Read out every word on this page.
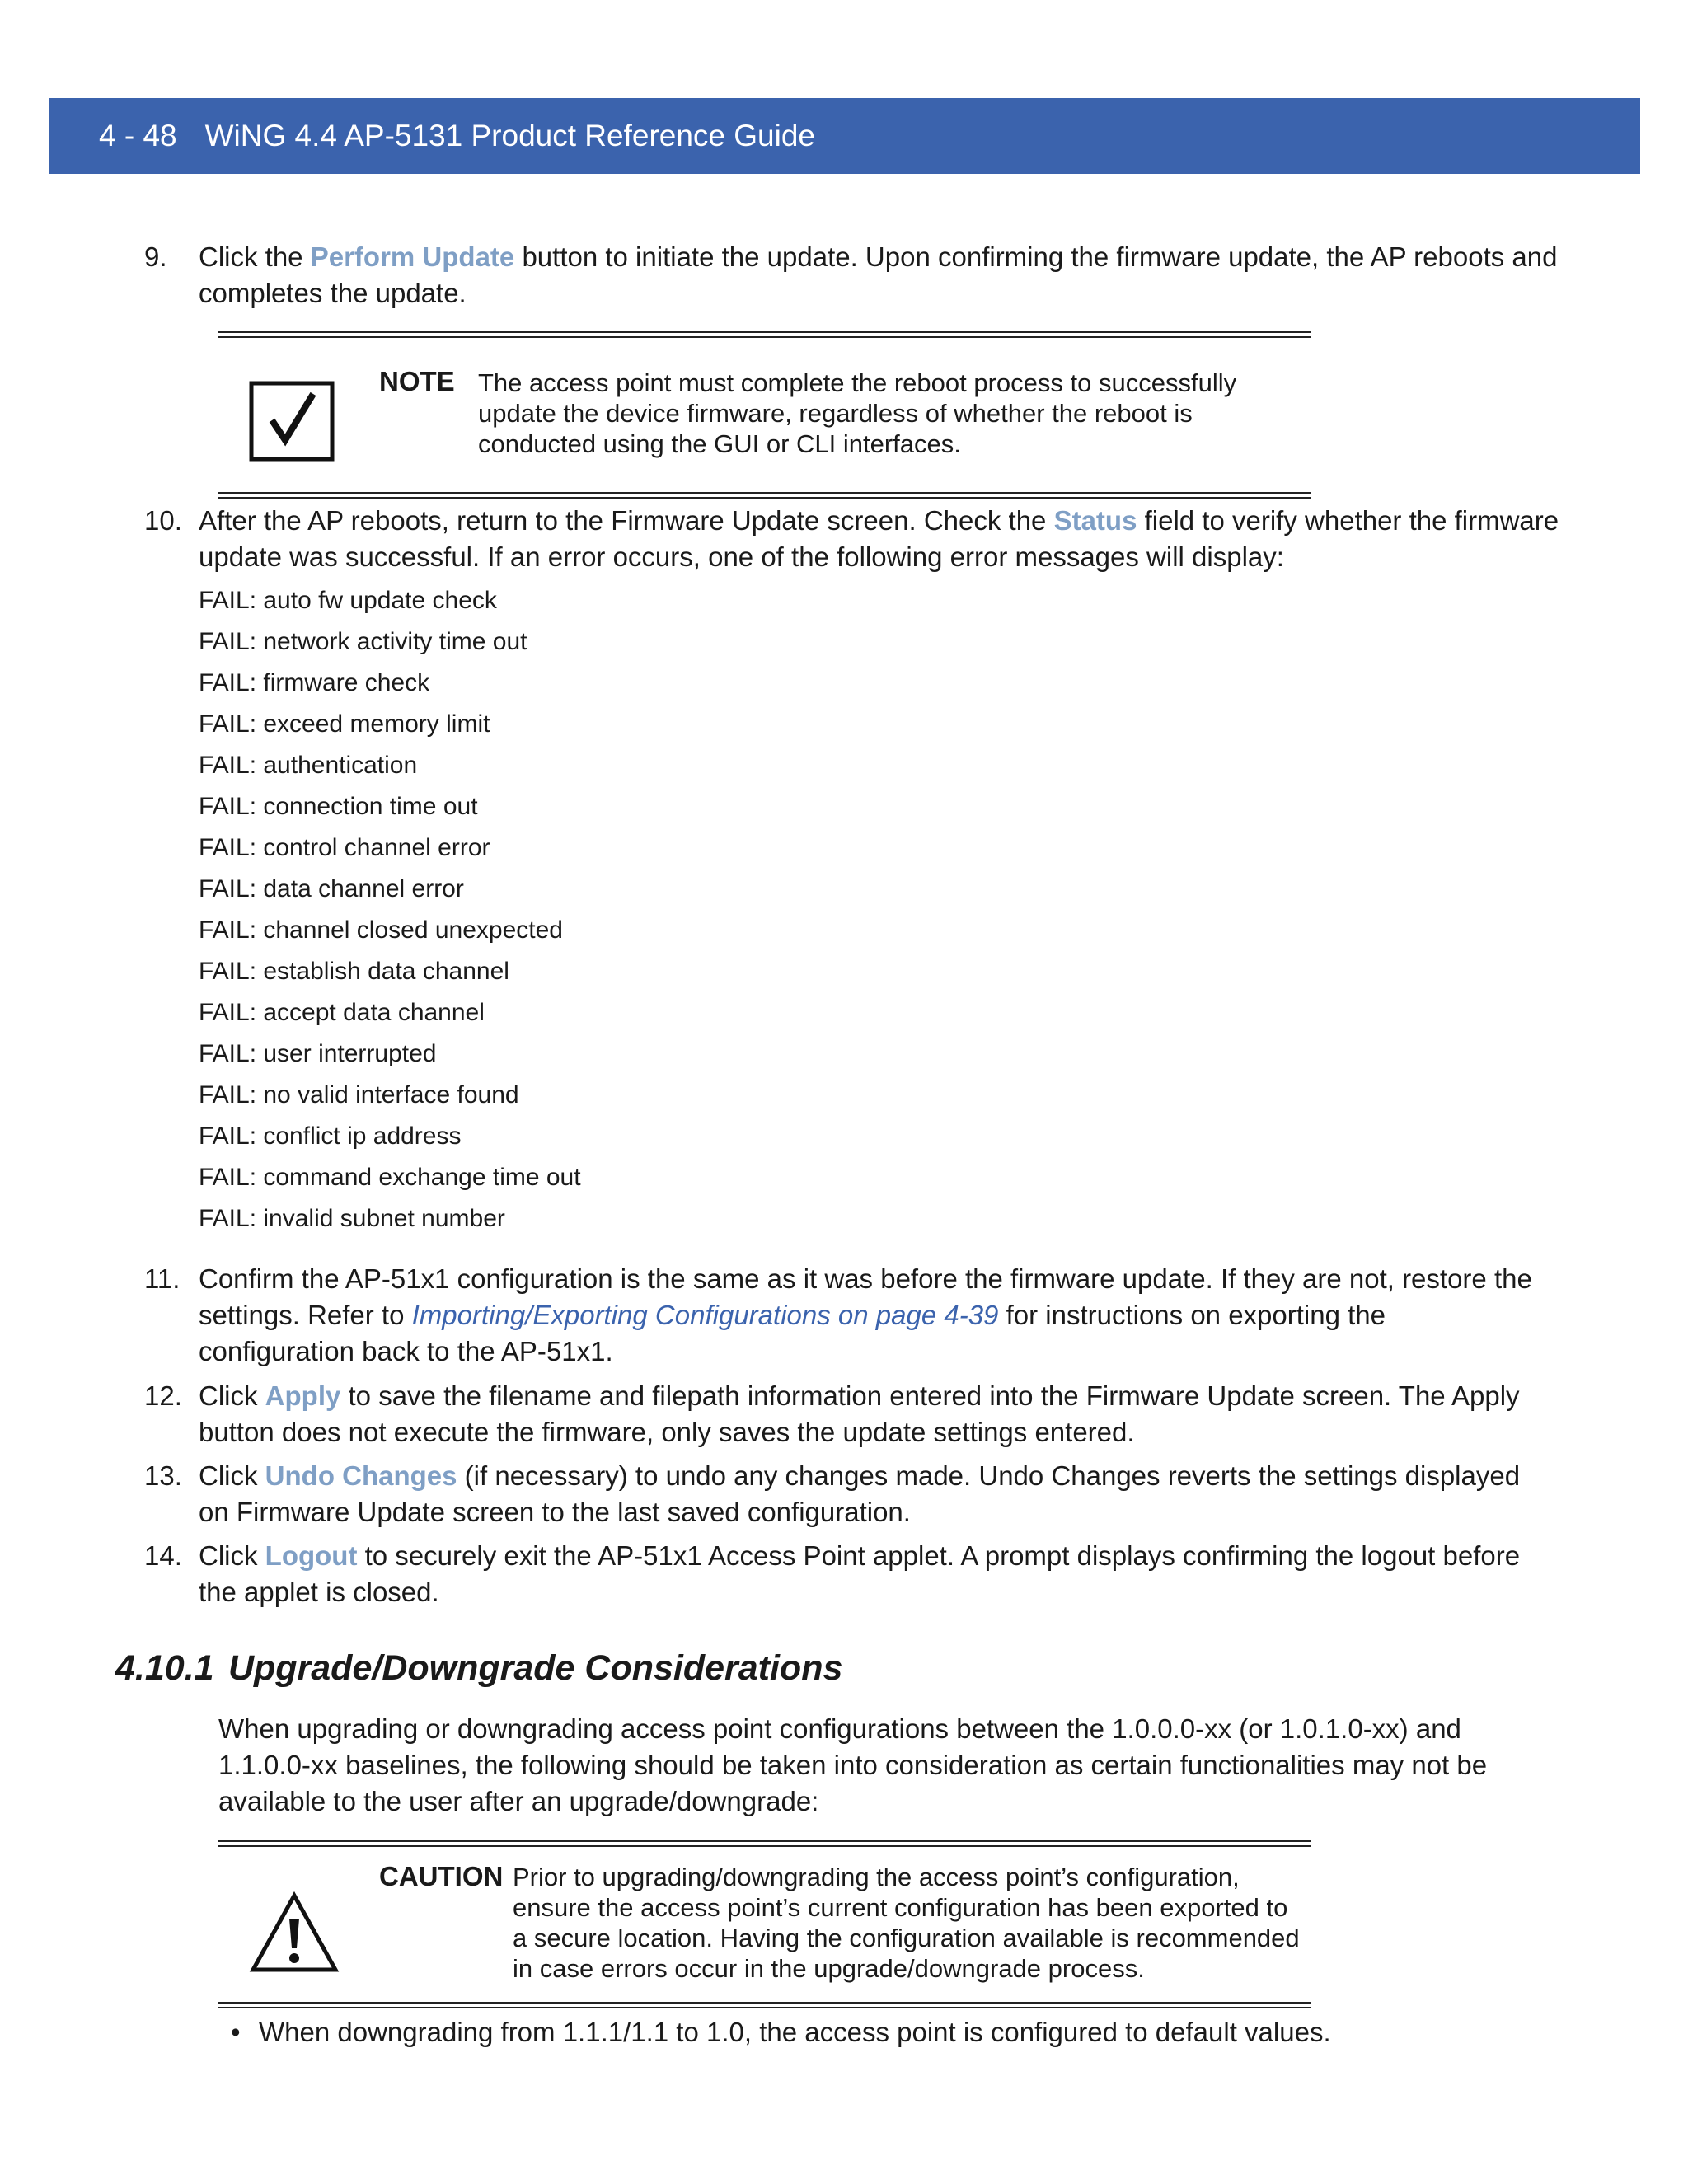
4 - 48 WiNG 4.4 AP-5131 Product Reference Guide
9.	Click the Perform Update button to initiate the update. Upon confirming the firmware update, the AP reboots and completes the update.
NOTE The access point must complete the reboot process to successfully update the device firmware, regardless of whether the reboot is conducted using the GUI or CLI interfaces.
10. After the AP reboots, return to the Firmware Update screen. Check the Status field to verify whether the firmware update was successful. If an error occurs, one of the following error messages will display:
FAIL: auto fw update check
FAIL: network activity time out
FAIL: firmware check
FAIL: exceed memory limit
FAIL: authentication
FAIL: connection time out
FAIL: control channel error
FAIL: data channel error
FAIL: channel closed unexpected
FAIL: establish data channel
FAIL: accept data channel
FAIL: user interrupted
FAIL: no valid interface found
FAIL: conflict ip address
FAIL: command exchange time out
FAIL: invalid subnet number
11. Confirm the AP-51x1 configuration is the same as it was before the firmware update. If they are not, restore the settings. Refer to Importing/Exporting Configurations on page 4-39 for instructions on exporting the configuration back to the AP-51x1.
12. Click Apply to save the filename and filepath information entered into the Firmware Update screen. The Apply button does not execute the firmware, only saves the update settings entered.
13. Click Undo Changes (if necessary) to undo any changes made. Undo Changes reverts the settings displayed on Firmware Update screen to the last saved configuration.
14. Click Logout to securely exit the AP-51x1 Access Point applet. A prompt displays confirming the logout before the applet is closed.
4.10.1 Upgrade/Downgrade Considerations
When upgrading or downgrading access point configurations between the 1.0.0.0-xx (or 1.0.1.0-xx) and 1.1.0.0-xx baselines, the following should be taken into consideration as certain functionalities may not be available to the user after an upgrade/downgrade:
CAUTION Prior to upgrading/downgrading the access point’s configuration, ensure the access point’s current configuration has been exported to a secure location. Having the configuration available is recommended in case errors occur in the upgrade/downgrade process.
• When downgrading from 1.1.1/1.1 to 1.0, the access point is configured to default values.
